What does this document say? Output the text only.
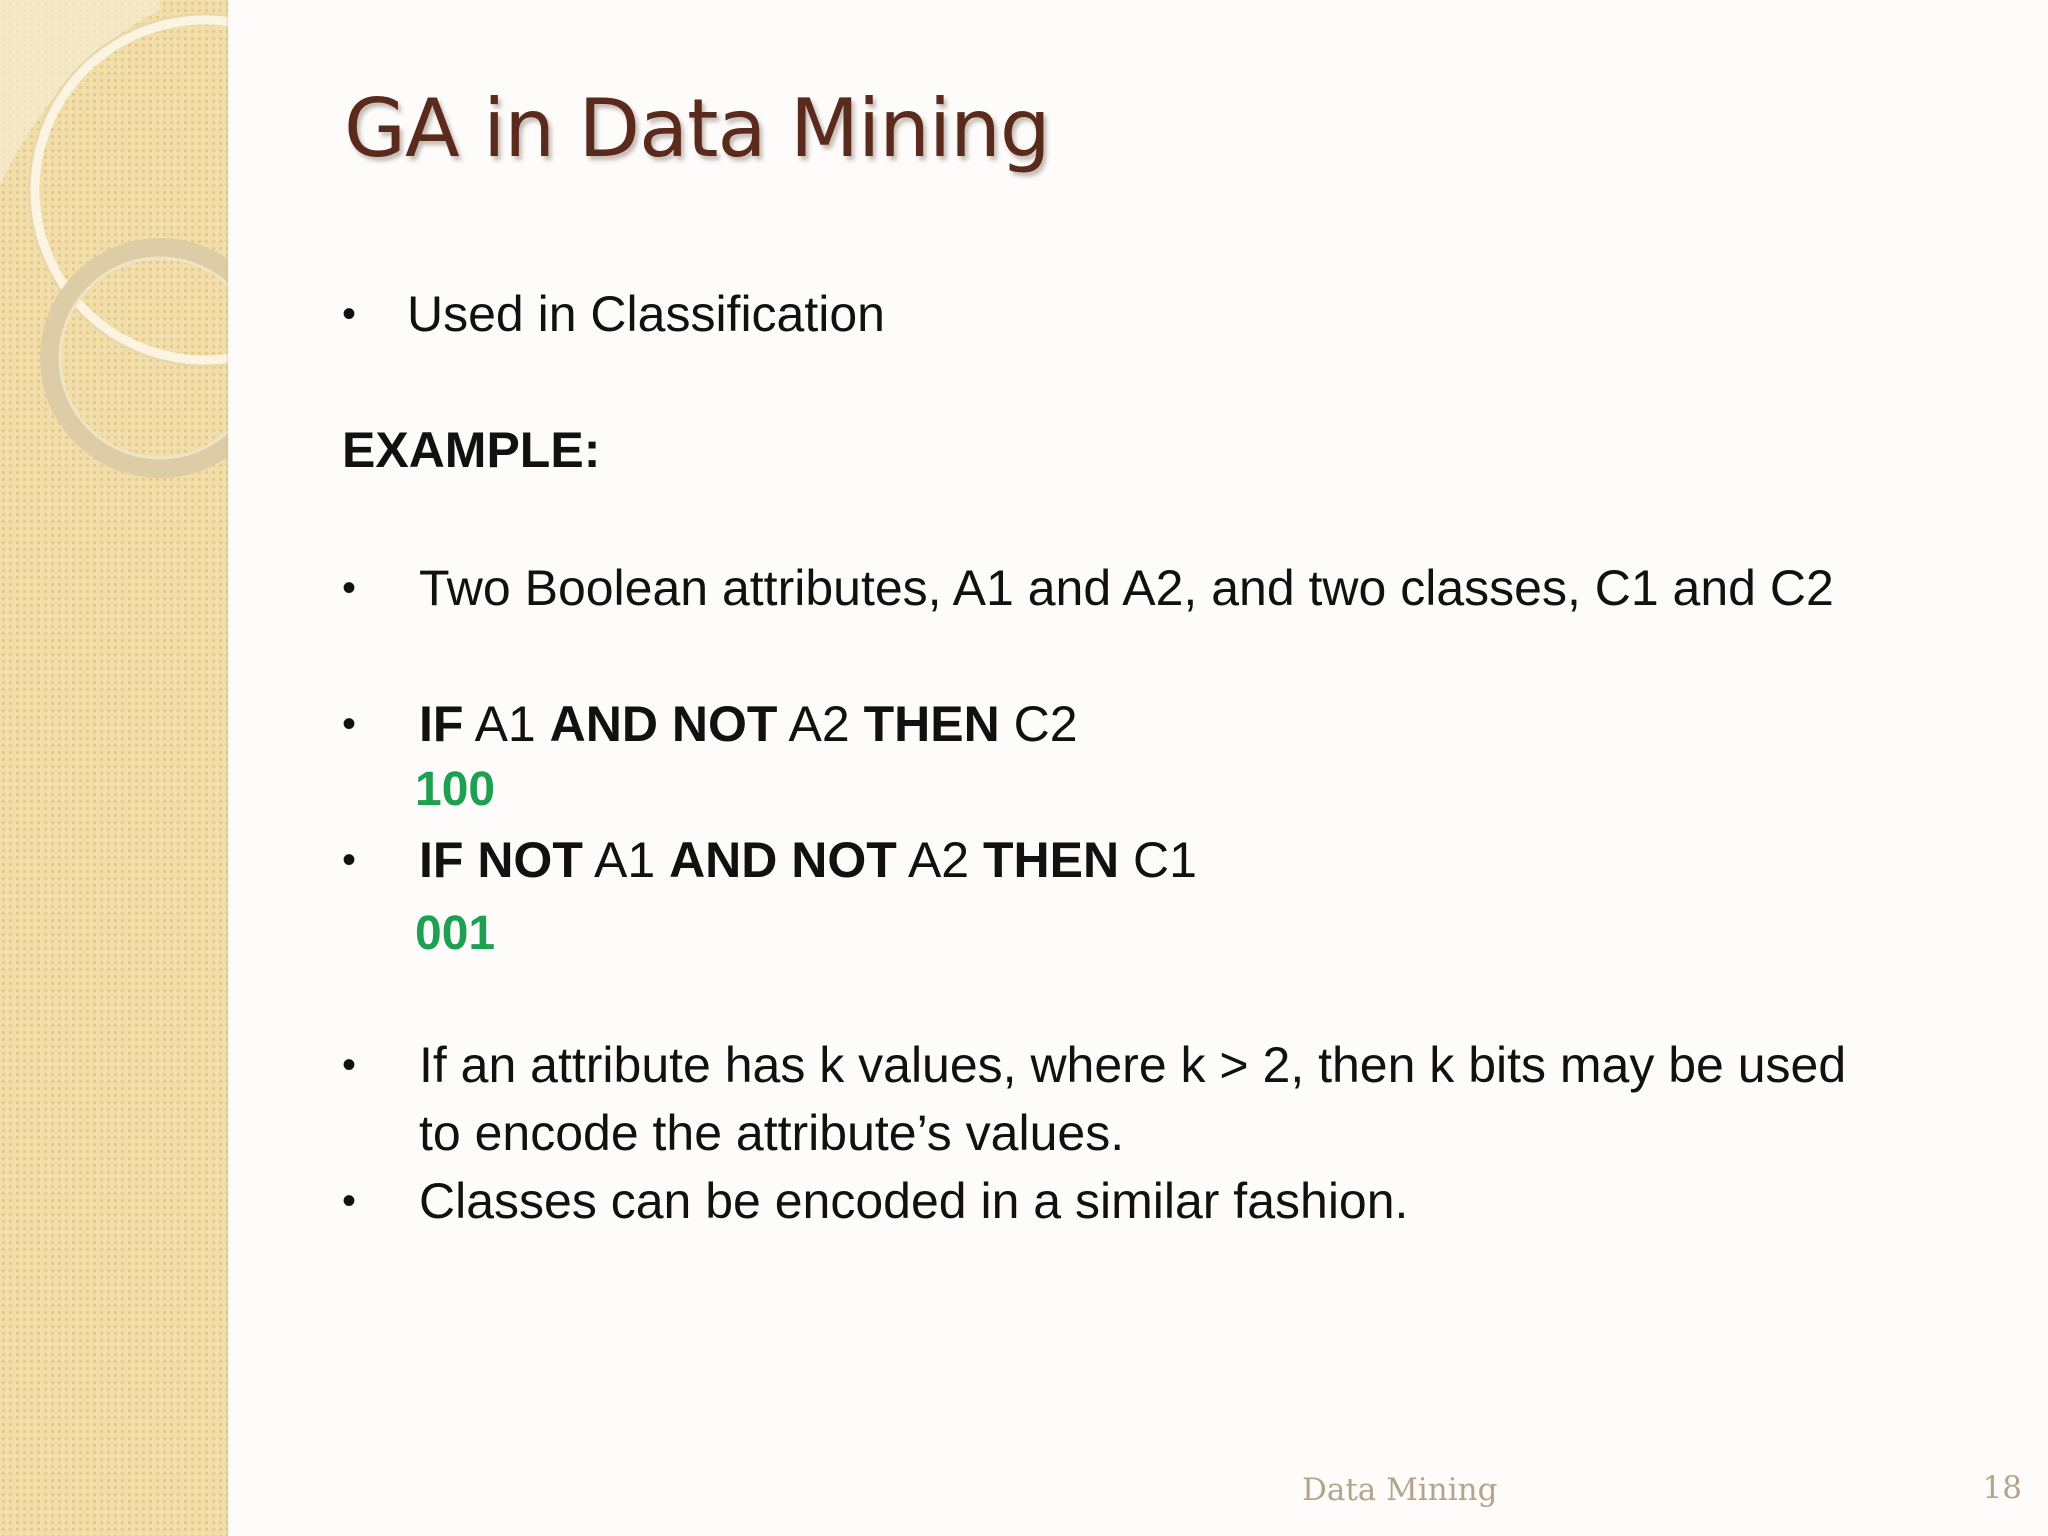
GA in Data Mining
• Used in Classification
EXAMPLE:
• Two Boolean attributes, A1 and A2, and two classes, C1 and C2
• IF A1 AND NOT A2 THEN C2
100
• IF NOT A1 AND NOT A2 THEN C1
001
• If an attribute has k values, where k > 2, then k bits may be used
to encode the attribute’s values.
• Classes can be encoded in a similar fashion.
Data Mining	18
